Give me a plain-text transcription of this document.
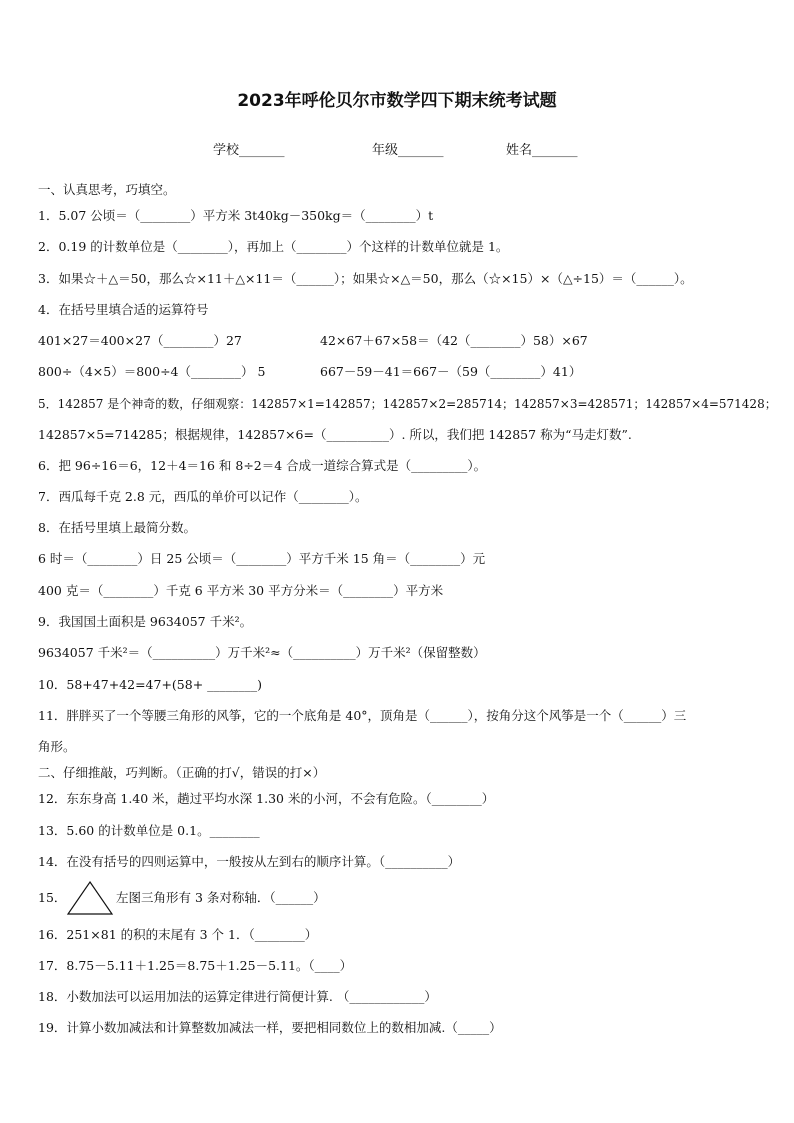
2023年呼伦贝尔市数学四下期末统考试题
学校_______	年级_______	姓名_______
一、认真思考，巧填空。
1．5.07 公顷＝（________）平方米 3t40kg－350kg＝（________）t
2．0.19 的计数单位是（________），再加上（________）个这样的计数单位就是 1。
3．如果☆＋△＝50，那么☆×11＋△×11＝（______）；如果☆×△＝50，那么（☆×15）×（△÷15）＝（______）。
4．在括号里填合适的运算符号
401×27＝400×27（________）27	42×67＋67×58＝（42（________）58）×67
800÷（4×5）＝800÷4（________） 5	667－59－41＝667－（59（________）41）
5．142857 是个神奇的数，仔细观察：142857×1=142857；142857×2=285714；142857×3=428571；142857×4=571428；
142857×5=714285；根据规律，142857×6=（__________）. 所以，我们把 142857 称为“马走灯数”.
6．把 96÷16＝6，12＋4＝16 和 8÷2＝4 合成一道综合算式是（_________）。
7．西瓜每千克 2.8 元，西瓜的单价可以记作（________）。
8．在括号里填上最简分数。
6 时＝（________）日 25 公顷＝（________）平方千米 15 角＝（________）元
400 克＝（________）千克 6 平方米 30 平方分米＝（________）平方米
9．我国国土面积是 9634057 千米²。
9634057 千米²＝（__________）万千米²≈（__________）万千米²（保留整数）
10．58+47+42=47+(58+ ________)
11．胖胖买了一个等腰三角形的风筝，它的一个底角是 40°，顶角是（______），按角分这个风筝是一个（______）三
角形。
二、仔细推敲，巧判断。（正确的打√，错误的打×）
12．东东身高 1.40 米，趟过平均水深 1.30 米的小河，不会有危险。（________）
13．5.60 的计数单位是 0.1。________
14．在没有括号的四则运算中，一般按从左到右的顺序计算。（__________）
15．	左图三角形有 3 条对称轴．（______）
16．251×81 的积的末尾有 3 个 1．（________）
17．8.75－5.11＋1.25＝8.75＋1.25－5.11。（____）
18．小数加法可以运用加法的运算定律进行简便计算. （____________）
19．计算小数加减法和计算整数加减法一样，要把相同数位上的数相加减.（_____）
